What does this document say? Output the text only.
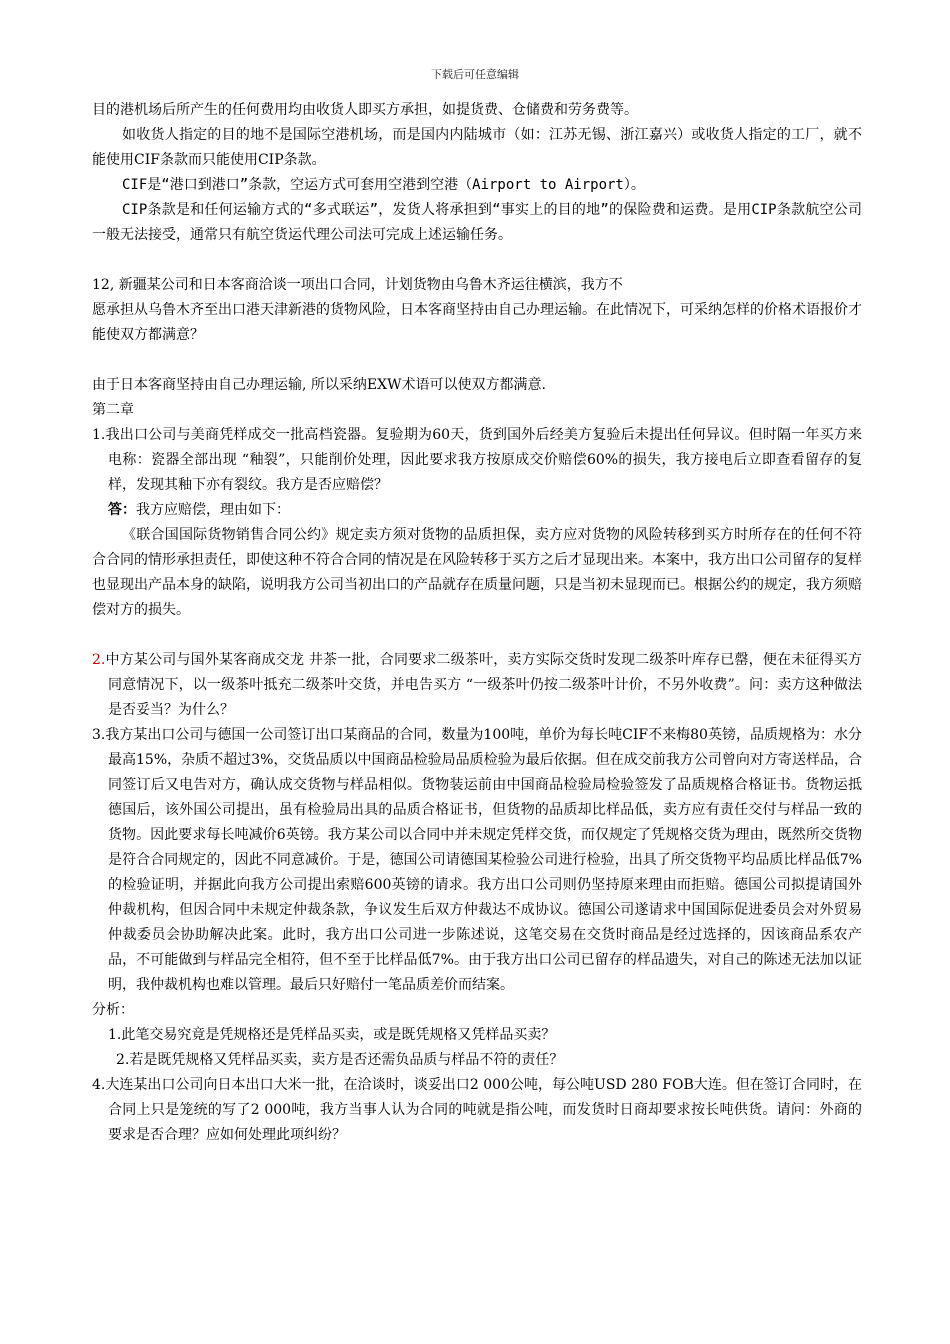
下载后可任意编辑

目的港机场后所产生的任何费用均由收货人即买方承担，如提货费、仓储费和劳务费等。

如收货人指定的目的地不是国际空港机场，而是国内内陆城市（如：江苏无锡、浙江嘉兴）或收货人指定的工厂，就不能使用CIF条款而只能使用CIP条款。

CIF是“港口到港口”条款，空运方式可套用空港到空港（Airport to Airport）。

CIP条款是和任何运输方式的“多式联运”，发货人将承担到“事实上的目的地”的保险费和运费。是用CIP条款航空公司一般无法接受，通常只有航空货运代理公司法可完成上述运输任务。

12, 新疆某公司和日本客商洽谈一项出口合同，计划货物由乌鲁木齐运往横滨，我方不

愿承担从乌鲁木齐至出口港天津新港的货物风险，日本客商坚持由自己办理运输。在此情况下，可采纳怎样的价格术语报价才能使双方都满意？

由于日本客商坚持由自己办理运输, 所以采纳EXW术语可以使双方都满意.

第二章

1.我出口公司与美商凭样成交一批高档瓷器。复验期为60天，货到国外后经美方复验后未提出任何异议。但时隔一年买方来电称：瓷器全部出现 “釉裂”，只能削价处理，因此要求我方按原成交价赔偿60%的损失，我方接电后立即查看留存的复样，发现其釉下亦有裂纹。我方是否应赔偿？

答：我方应赔偿，理由如下：

《联合国国际货物销售合同公约》规定卖方须对货物的品质担保，卖方应对货物的风险转移到买方时所存在的任何不符合合同的情形承担责任，即使这种不符合合同的情况是在风险转移于买方之后才显现出来。本案中，我方出口公司留存的复样也显现出产品本身的缺陷，说明我方公司当初出口的产品就存在质量问题，只是当初未显现而已。根据公约的规定，我方须赔偿对方的损失。

2.中方某公司与国外某客商成交龙 井茶一批，合同要求二级茶叶，卖方实际交货时发现二级茶叶库存已罄，便在未征得买方同意情况下，以一级茶叶抵充二级茶叶交货，并电告买方 “一级茶叶仍按二级茶叶计价，不另外收费”。问：卖方这种做法是否妥当？为什么？

3.我方某出口公司与德国一公司签订出口某商品的合同，数量为100吨，单价为每长吨CIF不来梅80英镑，品质规格为：水分最高15%，杂质不超过3%，交货品质以中国商品检验局品质检验为最后依据。但在成交前我方公司曾向对方寄送样品，合同签订后又电告对方，确认成交货物与样品相似。货物装运前由中国商品检验局检验签发了品质规格合格证书。货物运抵德国后，该外国公司提出，虽有检验局出具的品质合格证书，但货物的品质却比样品低，卖方应有责任交付与样品一致的货物。因此要求每长吨减价6英镑。我方某公司以合同中并未规定凭样交货，而仅规定了凭规格交货为理由，既然所交货物是符合合同规定的，因此不同意减价。于是，德国公司请德国某检验公司进行检验，出具了所交货物平均品质比样品低7%的检验证明，并据此向我方公司提出索赔600英镑的请求。我方出口公司则仍坚持原来理由而拒赔。德国公司拟提请国外仲裁机构，但因合同中未规定仲裁条款，争议发生后双方仲裁达不成协议。德国公司遂请求中国国际促进委员会对外贸易仲裁委员会协助解决此案。此时，我方出口公司进一步陈述说，这笔交易在交货时商品是经过选择的，因该商品系农产品，不可能做到与样品完全相符，但不至于比样品低7%。由于我方出口公司已留存的样品遗失，对自己的陈述无法加以证明，我仲裁机构也难以管理。最后只好赔付一笔品质差价而结案。

分析：

1.此笔交易究竟是凭规格还是凭样品买卖，或是既凭规格又凭样品买卖？

2.若是既凭规格又凭样品买卖，卖方是否还需负品质与样品不符的责任？

4.大连某出口公司向日本出口大米一批，在洽谈时，谈妥出口2 000公吨，每公吨USD 280 FOB大连。但在签订合同时，在合同上只是笼统的写了2 000吨，我方当事人认为合同的吨就是指公吨，而发货时日商却要求按长吨供货。请问：外商的要求是否合理？应如何处理此项纠纷？
